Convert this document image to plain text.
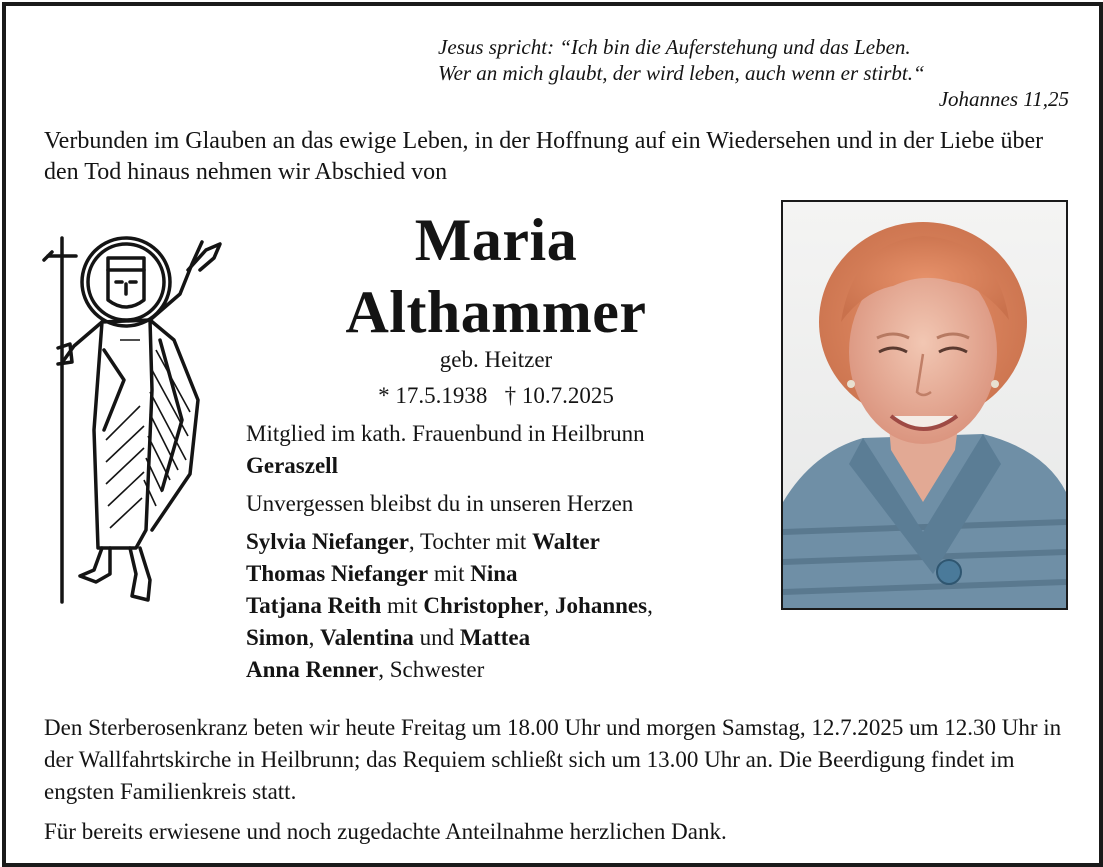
Jesus spricht: “Ich bin die Auferstehung und das Leben.
Wer an mich glaubt, der wird leben, auch wenn er stirbt.“
Johannes 11,25
Verbunden im Glauben an das ewige Leben, in der Hoffnung auf ein Wiedersehen und in der Liebe über den Tod hinaus nehmen wir Abschied von
Maria
Althammer
geb. Heitzer
* 17.5.1938   † 10.7.2025
Mitglied im kath. Frauenbund in Heilbrunn
Geraszell
Unvergessen bleibst du in unseren Herzen
Sylvia Niefanger, Tochter mit Walter
Thomas Niefanger mit Nina
Tatjana Reith mit Christopher, Johannes,
Simon, Valentina und Mattea
Anna Renner, Schwester
Den Sterberosenkranz beten wir heute Freitag um 18.00 Uhr und morgen Samstag, 12.7.2025 um 12.30 Uhr in der Wallfahrtskirche in Heilbrunn; das Requiem schließt sich um 13.00 Uhr an. Die Beerdigung findet im engsten Familienkreis statt.
Für bereits erwiesene und noch zugedachte Anteilnahme herzlichen Dank.
